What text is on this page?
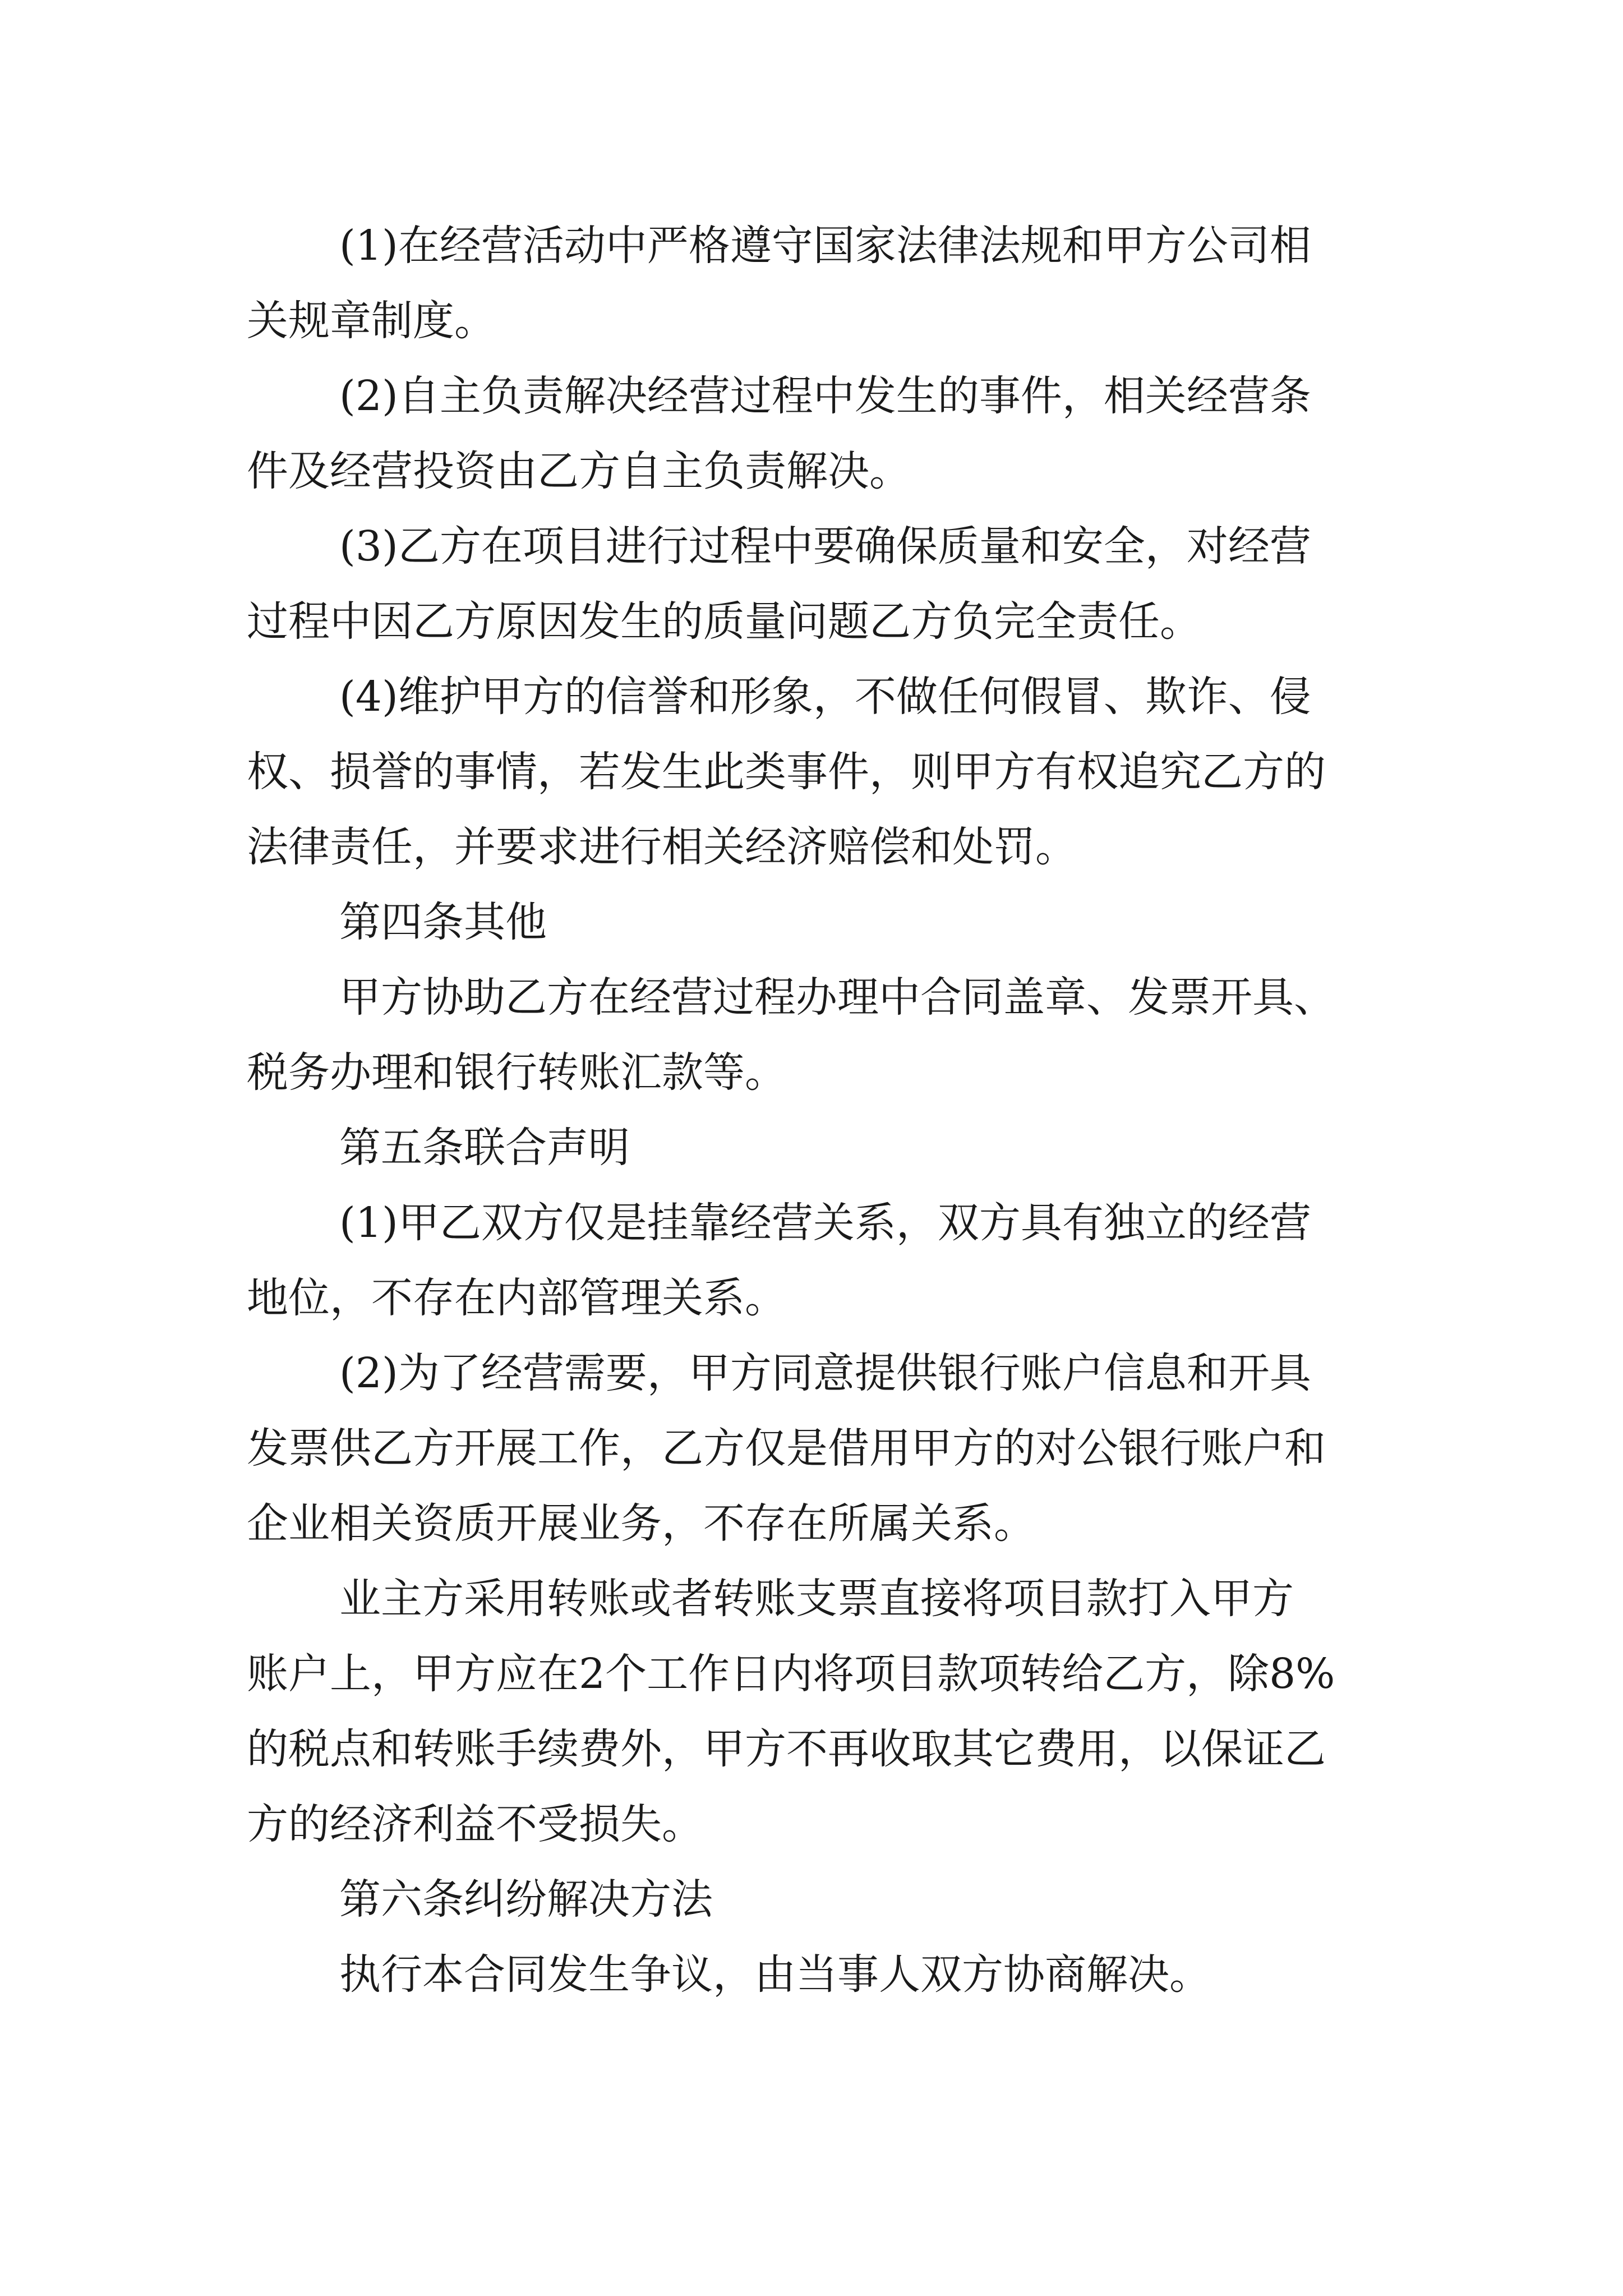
(1)在经营活动中严格遵守国家法律法规和甲方公司相
关规章制度。
(2)自主负责解决经营过程中发生的事件，相关经营条
件及经营投资由乙方自主负责解决。
(3)乙方在项目进行过程中要确保质量和安全，对经营
过程中因乙方原因发生的质量问题乙方负完全责任。
(4)维护甲方的信誉和形象，不做任何假冒、欺诈、侵
权、损誉的事情，若发生此类事件，则甲方有权追究乙方的
法律责任，并要求进行相关经济赔偿和处罚。
第四条其他
甲方协助乙方在经营过程办理中合同盖章、发票开具、
税务办理和银行转账汇款等。
第五条联合声明
(1)甲乙双方仅是挂靠经营关系，双方具有独立的经营
地位，不存在内部管理关系。
(2)为了经营需要，甲方同意提供银行账户信息和开具
发票供乙方开展工作，乙方仅是借用甲方的对公银行账户和
企业相关资质开展业务，不存在所属关系。
业主方采用转账或者转账支票直接将项目款打入甲方
账户上，甲方应在2个工作日内将项目款项转给乙方，除8%
的税点和转账手续费外，甲方不再收取其它费用，以保证乙
方的经济利益不受损失。
第六条纠纷解决方法
执行本合同发生争议，由当事人双方协商解决。
